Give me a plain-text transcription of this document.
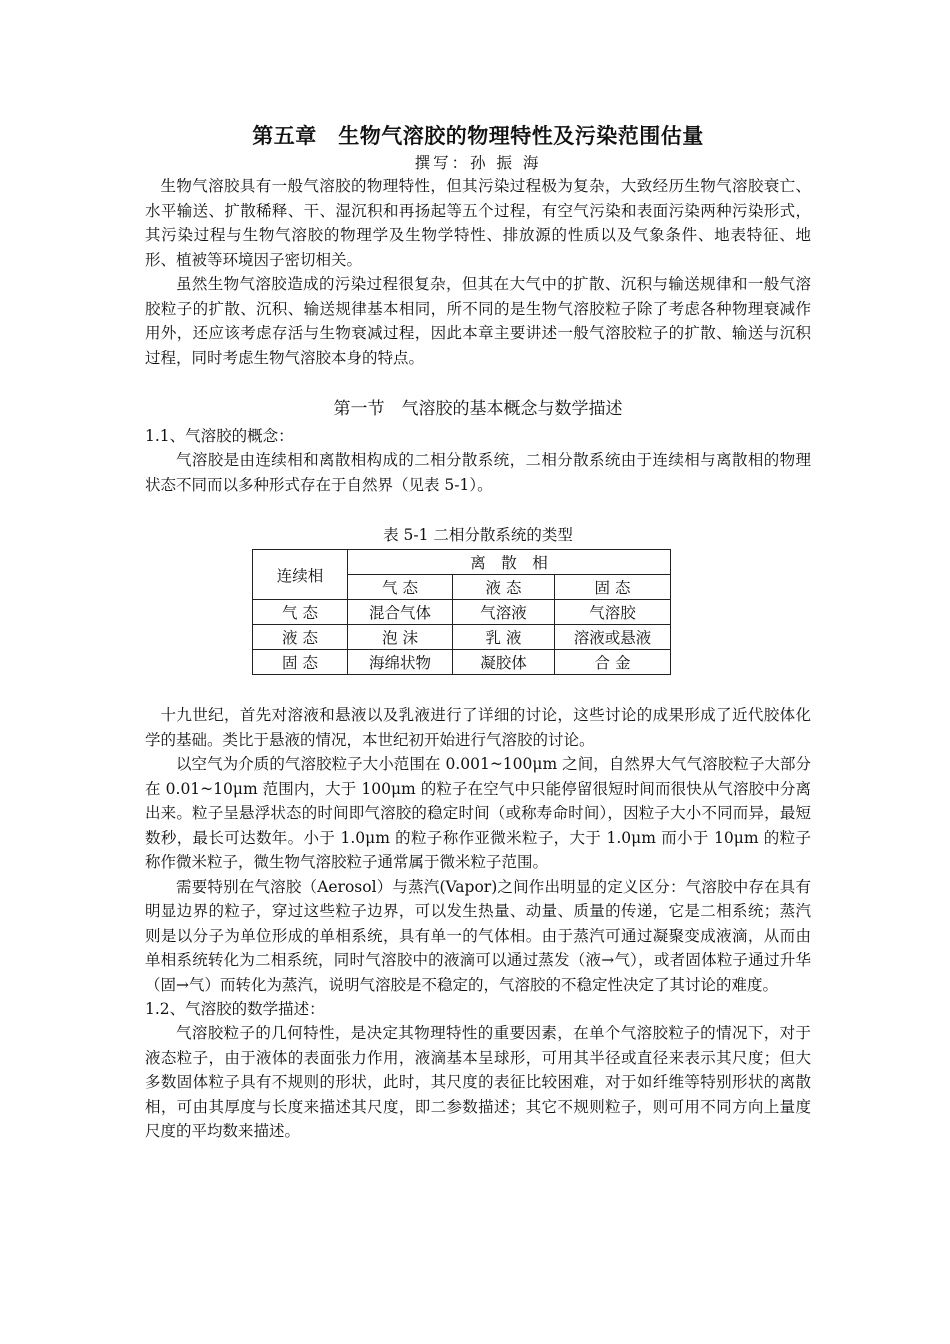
第五章　生物气溶胶的物理特性及污染范围估量

撰写：孙 振 海

生物气溶胶具有一般气溶胶的物理特性，但其污染过程极为复杂，大致经历生物气溶胶衰亡、水平输送、扩散稀释、干、湿沉积和再扬起等五个过程，有空气污染和表面污染两种污染形式，其污染过程与生物气溶胶的物理学及生物学特性、排放源的性质以及气象条件、地表特征、地形、植被等环境因子密切相关。

虽然生物气溶胶造成的污染过程很复杂，但其在大气中的扩散、沉积与输送规律和一般气溶胶粒子的扩散、沉积、输送规律基本相同，所不同的是生物气溶胶粒子除了考虑各种物理衰减作用外，还应该考虑存活与生物衰减过程，因此本章主要讲述一般气溶胶粒子的扩散、输送与沉积过程，同时考虑生物气溶胶本身的特点。

第一节　气溶胶的基本概念与数学描述
1.1、气溶胶的概念：

气溶胶是由连续相和离散相构成的二相分散系统，二相分散系统由于连续相与离散相的物理状态不同而以多种形式存在于自然界（见表 5-1）。

表 5-1 二相分散系统的类型
连续相	离　散　相		
	气 态	液 态	固 态
气 态	混合气体	气溶液	气溶胶
液 态	泡 沫	乳 液	溶液或悬液
固 态	海绵状物	凝胶体	合 金

十九世纪，首先对溶液和悬液以及乳液进行了详细的讨论，这些讨论的成果形成了近代胶体化学的基础。类比于悬液的情况，本世纪初开始进行气溶胶的讨论。

以空气为介质的气溶胶粒子大小范围在 0.001~100μm 之间，自然界大气气溶胶粒子大部分在 0.01~10μm 范围内，大于 100μm 的粒子在空气中只能停留很短时间而很快从气溶胶中分离出来。粒子呈悬浮状态的时间即气溶胶的稳定时间（或称寿命时间），因粒子大小不同而异，最短数秒，最长可达数年。小于 1.0μm 的粒子称作亚微米粒子，大于 1.0μm 而小于 10μm 的粒子称作微米粒子，微生物气溶胶粒子通常属于微米粒子范围。

需要特别在气溶胶（Aerosol）与蒸汽(Vapor)之间作出明显的定义区分：气溶胶中存在具有明显边界的粒子，穿过这些粒子边界，可以发生热量、动量、质量的传递，它是二相系统；蒸汽则是以分子为单位形成的单相系统，具有单一的气体相。由于蒸汽可通过凝聚变成液滴，从而由单相系统转化为二相系统，同时气溶胶中的液滴可以通过蒸发（液→气），或者固体粒子通过升华（固→气）而转化为蒸汽，说明气溶胶是不稳定的，气溶胶的不稳定性决定了其讨论的难度。

1.2、气溶胶的数学描述：

气溶胶粒子的几何特性，是决定其物理特性的重要因素，在单个气溶胶粒子的情况下，对于液态粒子，由于液体的表面张力作用，液滴基本呈球形，可用其半径或直径来表示其尺度；但大多数固体粒子具有不规则的形状，此时，其尺度的表征比较困难，对于如纤维等特别形状的离散相，可由其厚度与长度来描述其尺度，即二参数描述；其它不规则粒子，则可用不同方向上量度尺度的平均数来描述。
